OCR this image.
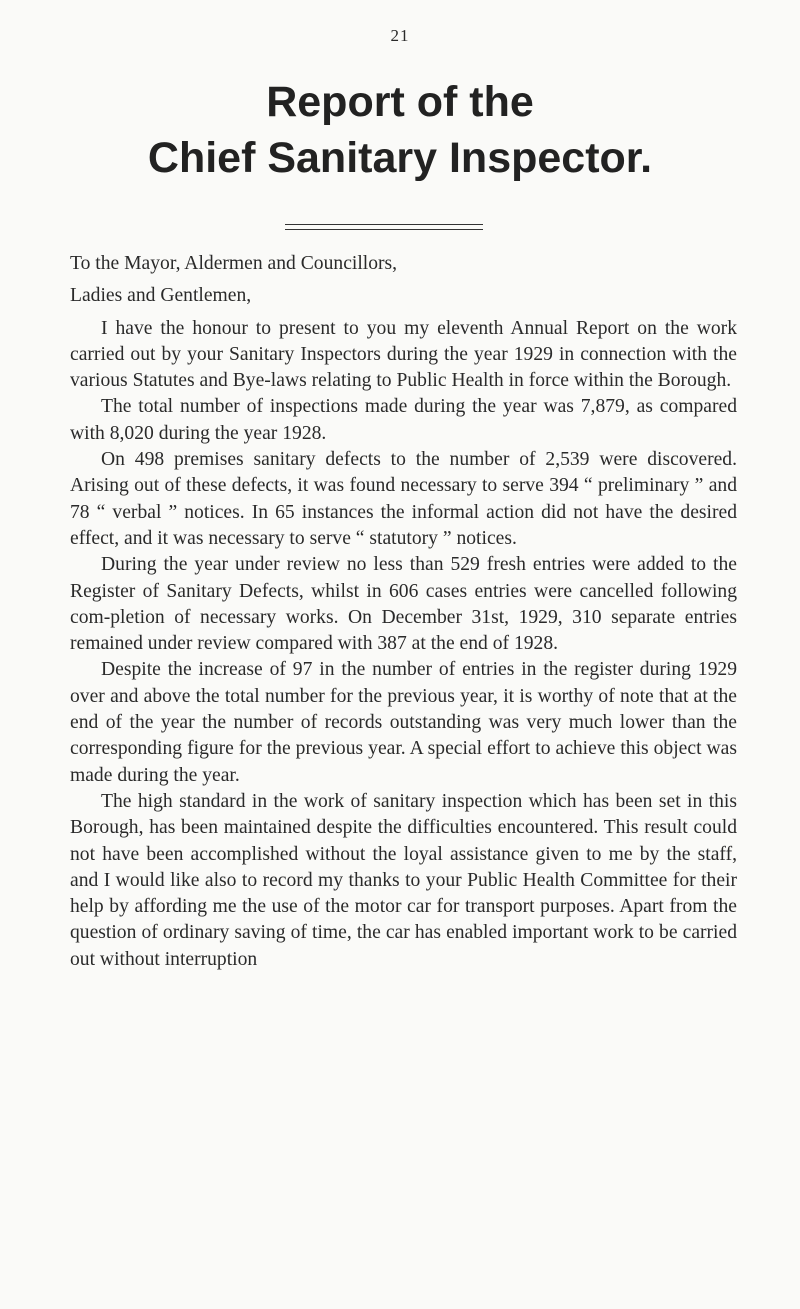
21
Report of the
Chief Sanitary Inspector.

To the Mayor, Aldermen and Councillors,

Ladies and Gentlemen,

I have the honour to present to you my eleventh Annual Report on the work carried out by your Sanitary Inspectors during the year 1929 in connection with the various Statutes and Bye-laws relating to Public Health in force within the Borough.

The total number of inspections made during the year was 7,879, as compared with 8,020 during the year 1928.

On 498 premises sanitary defects to the number of 2,539 were discovered. Arising out of these defects, it was found necessary to serve 394 “ preliminary ” and 78 “ verbal ” notices. In 65 instances the informal action did not have the desired effect, and it was necessary to serve “ statutory ” notices.

During the year under review no less than 529 fresh entries were added to the Register of Sanitary Defects, whilst in 606 cases entries were cancelled following com-pletion of necessary works. On December 31st, 1929, 310 separate entries remained under review compared with 387 at the end of 1928.

Despite the increase of 97 in the number of entries in the register during 1929 over and above the total number for the previous year, it is worthy of note that at the end of the year the number of records outstanding was very much lower than the corresponding figure for the previous year. A special effort to achieve this object was made during the year.

The high standard in the work of sanitary inspection which has been set in this Borough, has been maintained despite the difficulties encountered. This result could not have been accomplished without the loyal assistance given to me by the staff, and I would like also to record my thanks to your Public Health Committee for their help by affording me the use of the motor car for transport purposes. Apart from the question of ordinary saving of time, the car has enabled important work to be carried out without interruption
